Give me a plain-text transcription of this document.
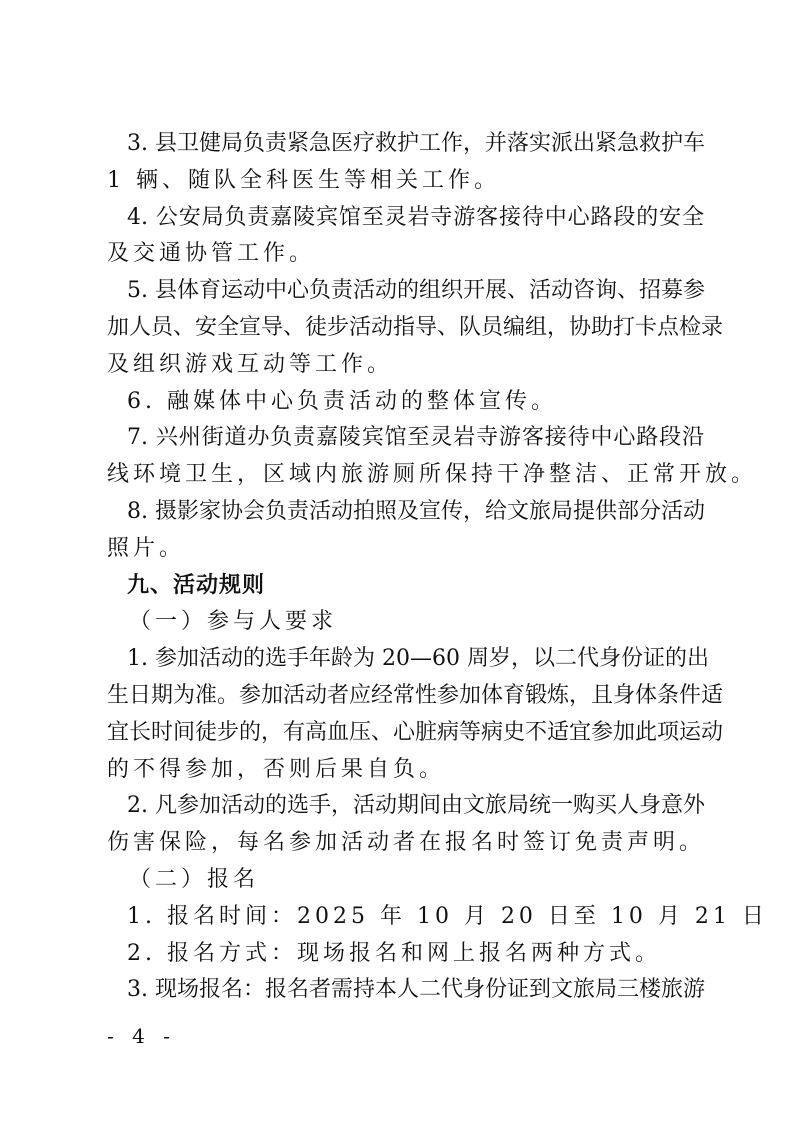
3. 县卫健局负责紧急医疗救护工作，并落实派出紧急救护车
1 辆、随队全科医生等相关工作。
4. 公安局负责嘉陵宾馆至灵岩寺游客接待中心路段的安全
及交通协管工作。
5. 县体育运动中心负责活动的组织开展、活动咨询、招募参
加人员、安全宣导、徒步活动指导、队员编组，协助打卡点检录
及组织游戏互动等工作。
6. 融媒体中心负责活动的整体宣传。
7. 兴州街道办负责嘉陵宾馆至灵岩寺游客接待中心路段沿
线环境卫生，区域内旅游厕所保持干净整洁、正常开放。
8. 摄影家协会负责活动拍照及宣传，给文旅局提供部分活动
照片。
九、活动规则
（一）参与人要求
1. 参加活动的选手年龄为 20—60 周岁，以二代身份证的出
生日期为准。参加活动者应经常性参加体育锻炼，且身体条件适
宜长时间徒步的，有高血压、心脏病等病史不适宜参加此项运动
的不得参加，否则后果自负。
2. 凡参加活动的选手，活动期间由文旅局统一购买人身意外
伤害保险，每名参加活动者在报名时签订免责声明。
（二）报名
1. 报名时间：2025 年 10 月 20 日至 10 月 21 日
2. 报名方式：现场报名和网上报名两种方式。
3. 现场报名：报名者需持本人二代身份证到文旅局三楼旅游
- 4 -
